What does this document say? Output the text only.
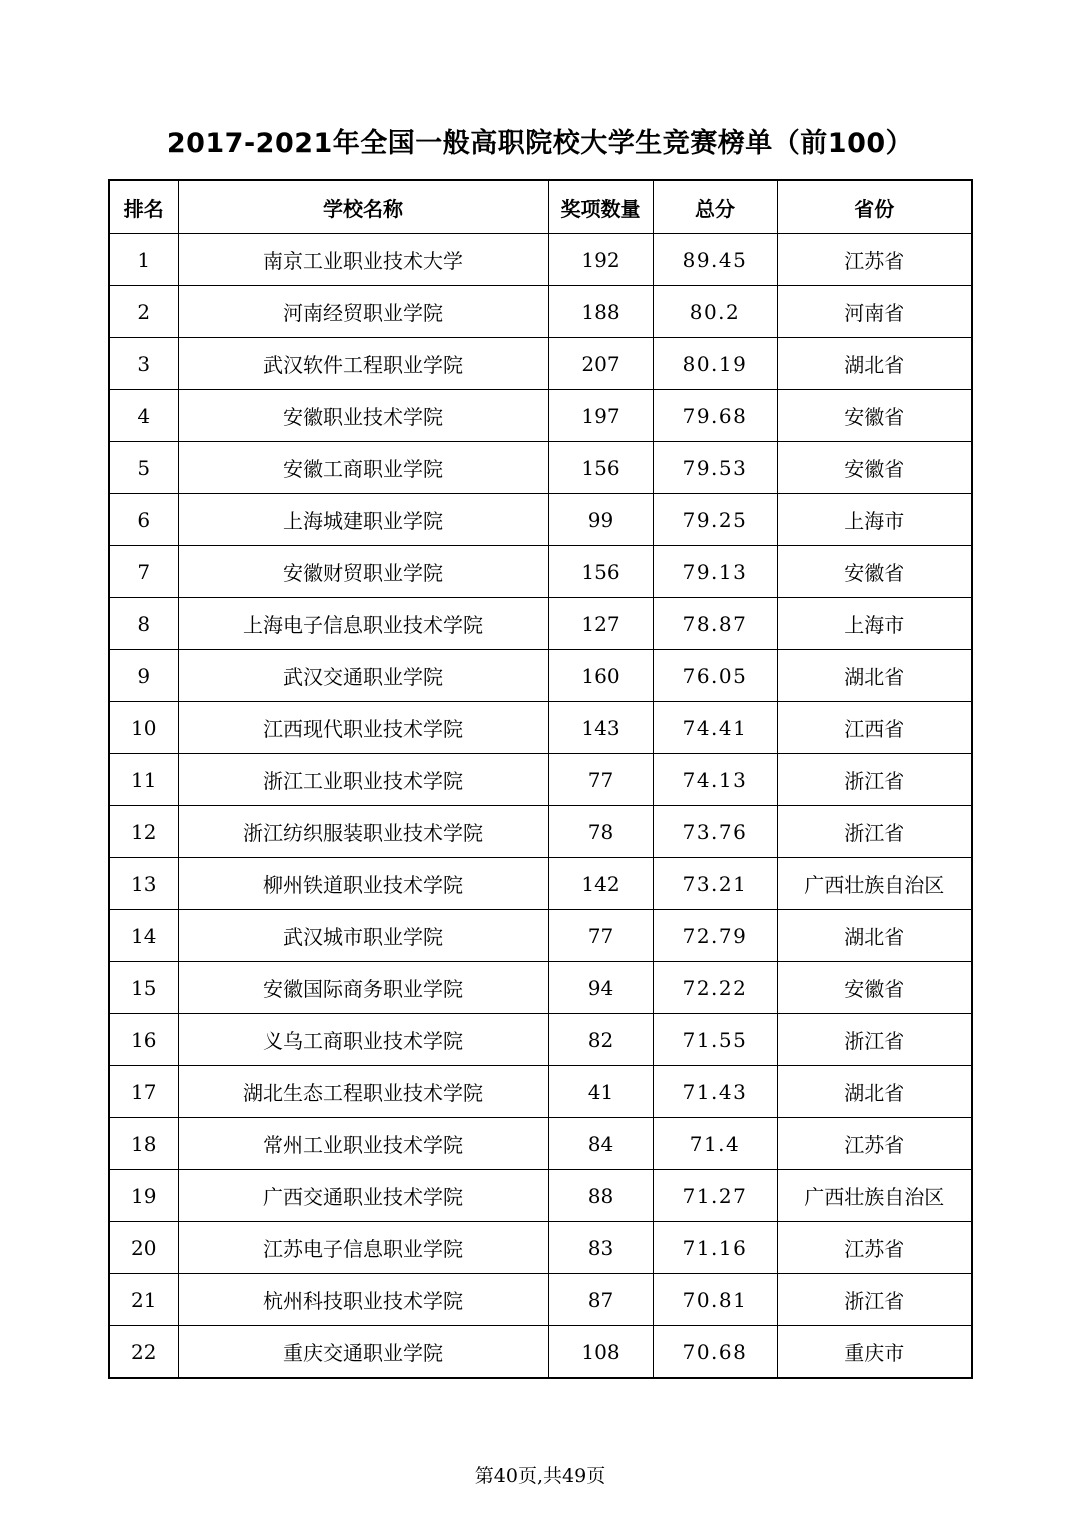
2017-2021年全国一般高职院校大学生竞赛榜单（前100）
排名	学校名称	奖项数量	总分	省份
1	南京工业职业技术大学	192	89.45	江苏省
2	河南经贸职业学院	188	80.2	河南省
3	武汉软件工程职业学院	207	80.19	湖北省
4	安徽职业技术学院	197	79.68	安徽省
5	安徽工商职业学院	156	79.53	安徽省
6	上海城建职业学院	99	79.25	上海市
7	安徽财贸职业学院	156	79.13	安徽省
8	上海电子信息职业技术学院	127	78.87	上海市
9	武汉交通职业学院	160	76.05	湖北省
10	江西现代职业技术学院	143	74.41	江西省
11	浙江工业职业技术学院	77	74.13	浙江省
12	浙江纺织服装职业技术学院	78	73.76	浙江省
13	柳州铁道职业技术学院	142	73.21	广西壮族自治区
14	武汉城市职业学院	77	72.79	湖北省
15	安徽国际商务职业学院	94	72.22	安徽省
16	义乌工商职业技术学院	82	71.55	浙江省
17	湖北生态工程职业技术学院	41	71.43	湖北省
18	常州工业职业技术学院	84	71.4	江苏省
19	广西交通职业技术学院	88	71.27	广西壮族自治区
20	江苏电子信息职业学院	83	71.16	江苏省
21	杭州科技职业技术学院	87	70.81	浙江省
22	重庆交通职业学院	108	70.68	重庆市
第40页,共49页
